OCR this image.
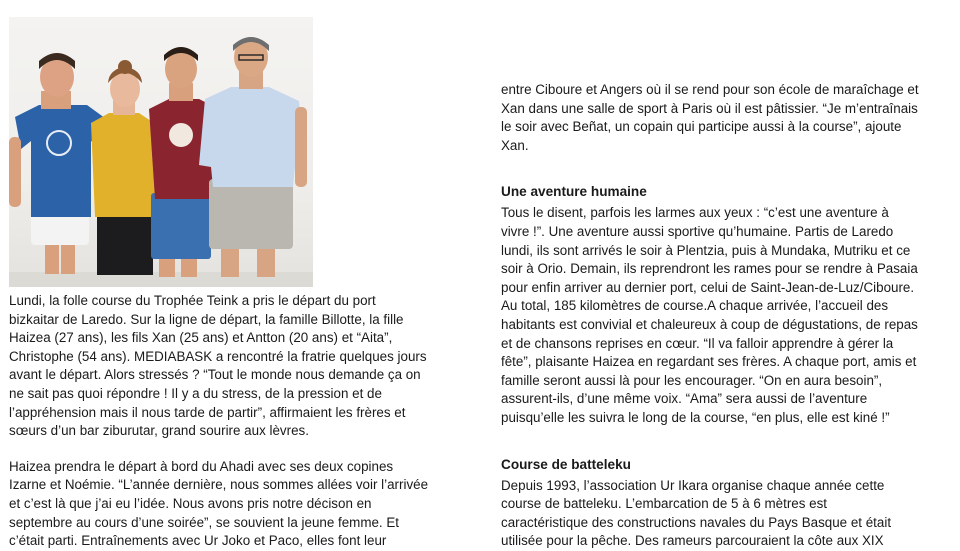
Lundi, la folle course du Trophée Teink a pris le départ du port

bizkaitar de Laredo. Sur la ligne de départ, la famille Billotte, la fille

Haizea (27 ans), les fils Xan (25 ans) et Antton (20 ans) et “Aita”,

Christophe (54 ans). MEDIABASK a rencontré la fratrie quelques jours

avant le départ. Alors stressés ? “Tout le monde nous demande ça on

ne sait pas quoi répondre ! Il y a du stress, de la pression et de

l’appréhension mais il nous tarde de partir”, affirmaient les frères et

sœurs d’un bar ziburutar, grand sourire aux lèvres.

Haizea prendra le départ à bord du Ahadi avec ses deux copines

Izarne et Noémie. “L’année dernière, nous sommes allées voir l’arrivée

et c’est là que j’ai eu l’idée. Nous avons pris notre décison en

septembre au cours d’une soirée”, se souvient la jeune femme. Et

c’était parti. Entraînements avec Ur Joko et Paco, elles font leur

entre Ciboure et Angers où il se rend pour son école de maraîchage et

Xan dans une salle de sport à Paris où il est pâtissier. “Je m’entraînais

le soir avec Beñat, un copain qui participe aussi à la course”, ajoute

Xan.

Une aventure humaine

Tous le disent, parfois les larmes aux yeux : “c’est une aventure à

vivre !”. Une aventure aussi sportive qu’humaine. Partis de Laredo

lundi, ils sont arrivés le soir à Plentzia, puis à Mundaka, Mutriku et ce

soir à Orio. Demain, ils reprendront les rames pour se rendre à Pasaia

pour enfin arriver au dernier port, celui de Saint-Jean-de-Luz/Ciboure.

Au total, 185 kilomètres de course.A chaque arrivée, l’accueil des

habitants est convivial et chaleureux à coup de dégustations, de repas

et de chansons reprises en cœur. “Il va falloir apprendre à gérer la

fête”, plaisante Haizea en regardant ses frères. A chaque port, amis et

famille seront aussi là pour les encourager. “On en aura besoin”,

assurent-ils, d’une même voix. “Ama” sera aussi de l’aventure

puisqu’elle les suivra le long de la course, “en plus, elle est kiné !”

Course de batteleku

Depuis 1993, l’association Ur Ikara organise chaque année cette

course de batteleku. L’embarcation de 5 à 6 mètres est

caractéristique des constructions navales du Pays Basque et était

utilisée pour la pêche. Des rameurs parcouraient la côte aux XIX
